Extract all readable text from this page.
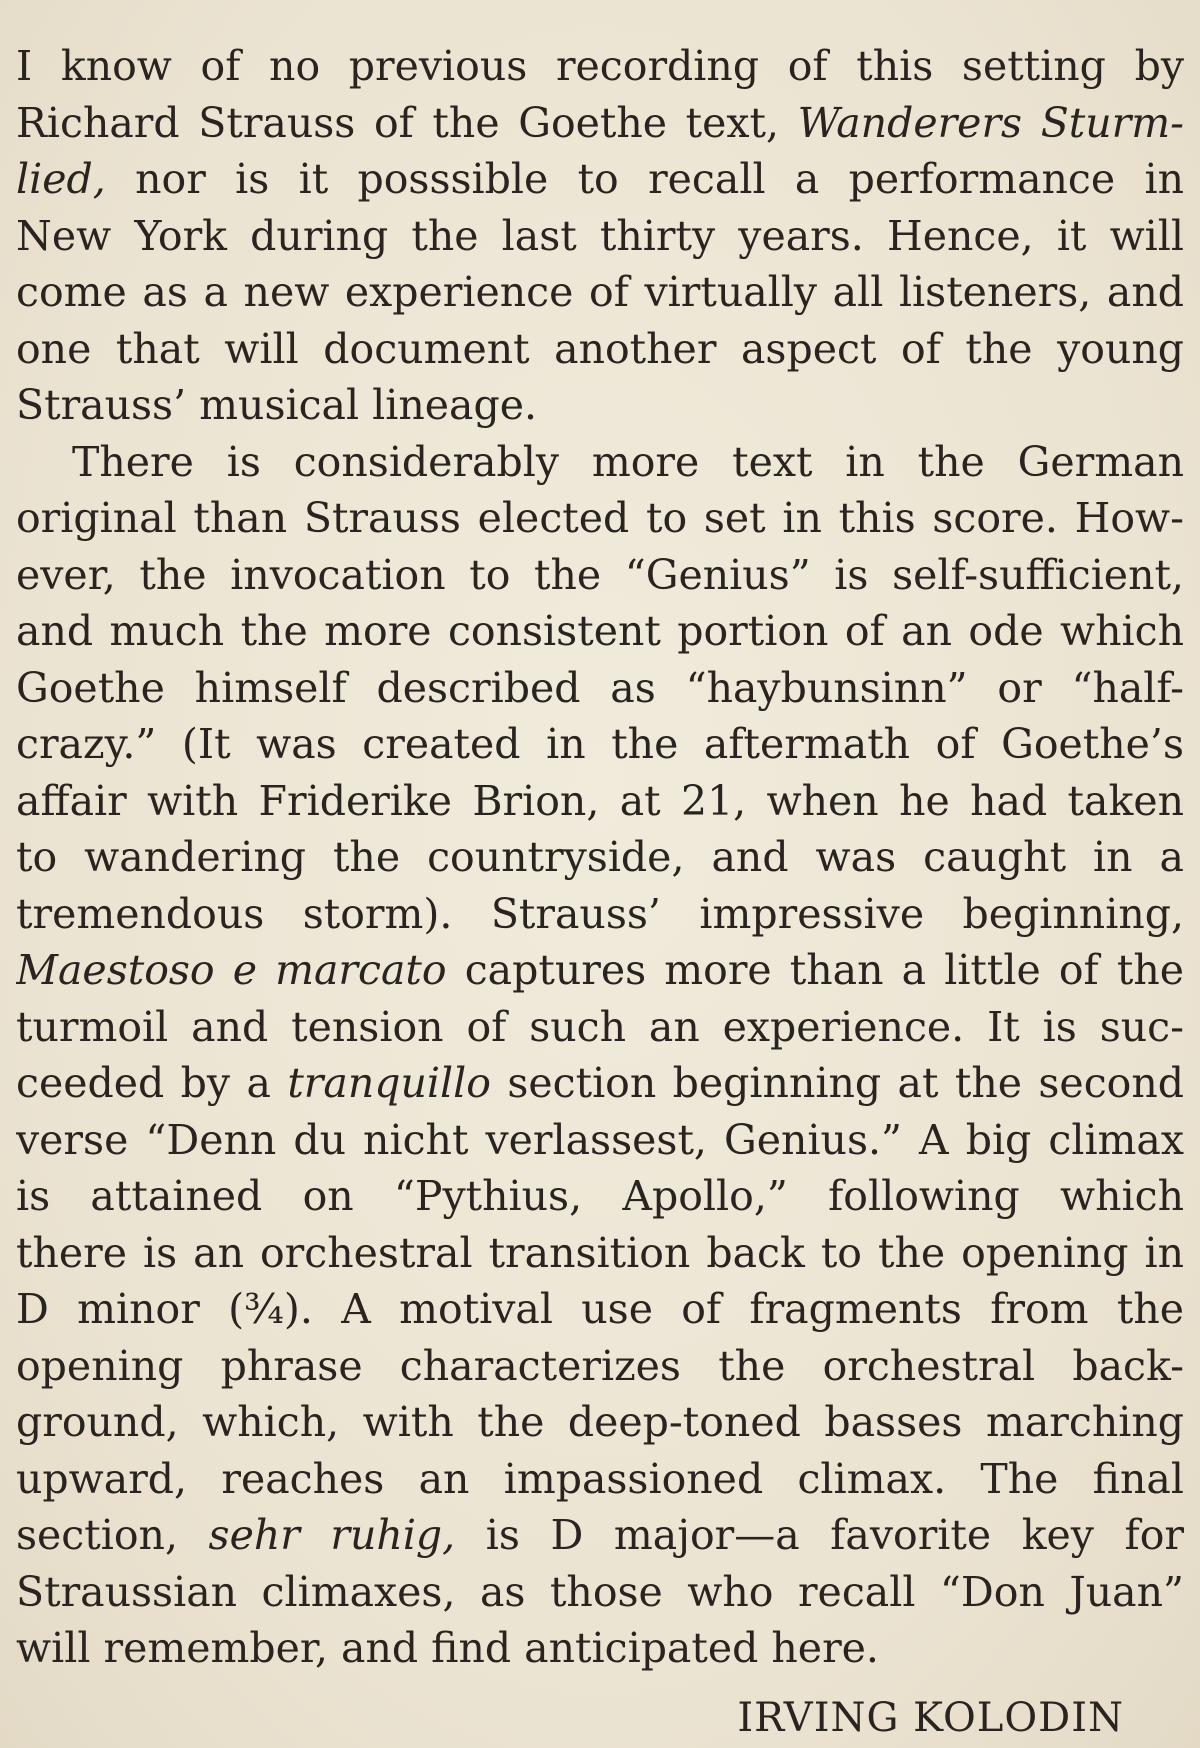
I know of no previous recording of this setting by
Richard Strauss of the Goethe text, Wanderers Sturm-
lied, nor is it posssible to recall a performance in
New York during the last thirty years. Hence, it will
come as a new experience of virtually all listeners, and
one that will document another aspect of the young
Strauss’ musical lineage.
There is considerably more text in the German
original than Strauss elected to set in this score. How-
ever, the invocation to the “Genius” is self-sufficient,
and much the more consistent portion of an ode which
Goethe himself described as “haybunsinn” or “half-
crazy.” (It was created in the aftermath of Goethe’s
affair with Friderike Brion, at 21, when he had taken
to wandering the countryside, and was caught in a
tremendous storm). Strauss’ impressive beginning,
Maestoso e marcato captures more than a little of the
turmoil and tension of such an experience. It is suc-
ceeded by a tranquillo section beginning at the second
verse “Denn du nicht verlassest, Genius.” A big climax
is attained on “Pythius, Apollo,” following which
there is an orchestral transition back to the opening in
D minor (¾). A motival use of fragments from the
opening phrase characterizes the orchestral back-
ground, which, with the deep-toned basses marching
upward, reaches an impassioned climax. The final
section, sehr ruhig, is D major—a favorite key for
Straussian climaxes, as those who recall “Don Juan”
will remember, and find anticipated here.
IRVING KOLODIN
